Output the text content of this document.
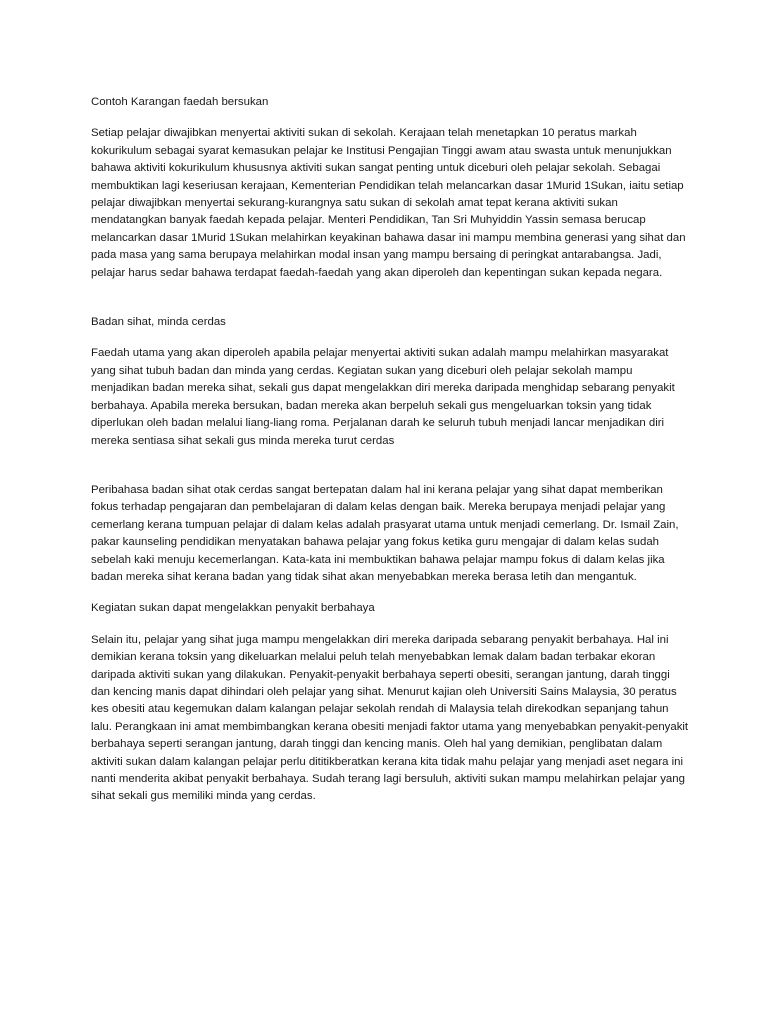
Contoh Karangan faedah bersukan

Setiap pelajar diwajibkan menyertai aktiviti sukan di sekolah. Kerajaan telah menetapkan 10 peratus markah kokurikulum sebagai syarat kemasukan pelajar ke Institusi Pengajian Tinggi awam atau swasta untuk menunjukkan bahawa aktiviti kokurikulum khususnya aktiviti sukan sangat penting untuk diceburi oleh pelajar sekolah. Sebagai membuktikan lagi keseriusan kerajaan, Kementerian Pendidikan telah melancarkan dasar 1Murid 1Sukan, iaitu setiap pelajar diwajibkan menyertai sekurang-kurangnya satu sukan di sekolah amat tepat kerana aktiviti sukan mendatangkan banyak faedah kepada pelajar. Menteri Pendidikan, Tan Sri Muhyiddin Yassin semasa berucap melancarkan dasar 1Murid 1Sukan melahirkan keyakinan bahawa dasar ini mampu membina generasi yang sihat dan pada masa yang sama berupaya melahirkan modal insan yang mampu bersaing di peringkat antarabangsa. Jadi, pelajar harus sedar bahawa terdapat faedah-faedah yang akan diperoleh dan kepentingan sukan kepada negara.

Badan sihat, minda cerdas

Faedah utama yang akan diperoleh apabila pelajar menyertai aktiviti sukan adalah mampu melahirkan masyarakat yang sihat tubuh badan dan minda yang cerdas. Kegiatan sukan yang diceburi oleh pelajar sekolah mampu menjadikan badan mereka sihat, sekali gus dapat mengelakkan diri mereka daripada menghidap sebarang penyakit berbahaya. Apabila mereka bersukan, badan mereka akan berpeluh sekali gus mengeluarkan toksin yang tidak diperlukan oleh badan melalui liang-liang roma. Perjalanan darah ke seluruh tubuh menjadi lancar menjadikan diri mereka sentiasa sihat sekali gus minda mereka turut cerdas

Peribahasa badan sihat otak cerdas sangat bertepatan dalam hal ini kerana pelajar yang sihat dapat memberikan fokus terhadap pengajaran dan pembelajaran di dalam kelas dengan baik. Mereka berupaya menjadi pelajar yang cemerlang kerana tumpuan pelajar di dalam kelas adalah prasyarat utama untuk menjadi cemerlang. Dr. Ismail Zain, pakar kaunseling pendidikan menyatakan bahawa pelajar yang fokus ketika guru mengajar di dalam kelas sudah sebelah kaki menuju kecemerlangan. Kata-kata ini membuktikan bahawa pelajar mampu fokus di dalam kelas jika badan mereka sihat kerana badan yang tidak sihat akan menyebabkan mereka berasa letih dan mengantuk.

Kegiatan sukan dapat mengelakkan penyakit berbahaya

Selain itu, pelajar yang sihat juga mampu mengelakkan diri mereka daripada sebarang penyakit berbahaya. Hal ini demikian kerana toksin yang dikeluarkan melalui peluh telah menyebabkan lemak dalam badan terbakar ekoran daripada aktiviti sukan yang dilakukan. Penyakit-penyakit berbahaya seperti obesiti, serangan jantung, darah tinggi dan kencing manis dapat dihindari oleh pelajar yang sihat. Menurut kajian oleh Universiti Sains Malaysia, 30 peratus kes obesiti atau kegemukan dalam kalangan pelajar sekolah rendah di Malaysia telah direkodkan sepanjang tahun lalu. Perangkaan ini amat membimbangkan kerana obesiti menjadi faktor utama yang menyebabkan penyakit-penyakit berbahaya seperti serangan jantung, darah tinggi dan kencing manis. Oleh hal yang demikian, penglibatan dalam aktiviti sukan dalam kalangan pelajar perlu dititikberatkan kerana kita tidak mahu pelajar yang menjadi aset negara ini nanti menderita akibat penyakit berbahaya. Sudah terang lagi bersuluh, aktiviti sukan mampu melahirkan pelajar yang sihat sekali gus memiliki minda yang cerdas.
